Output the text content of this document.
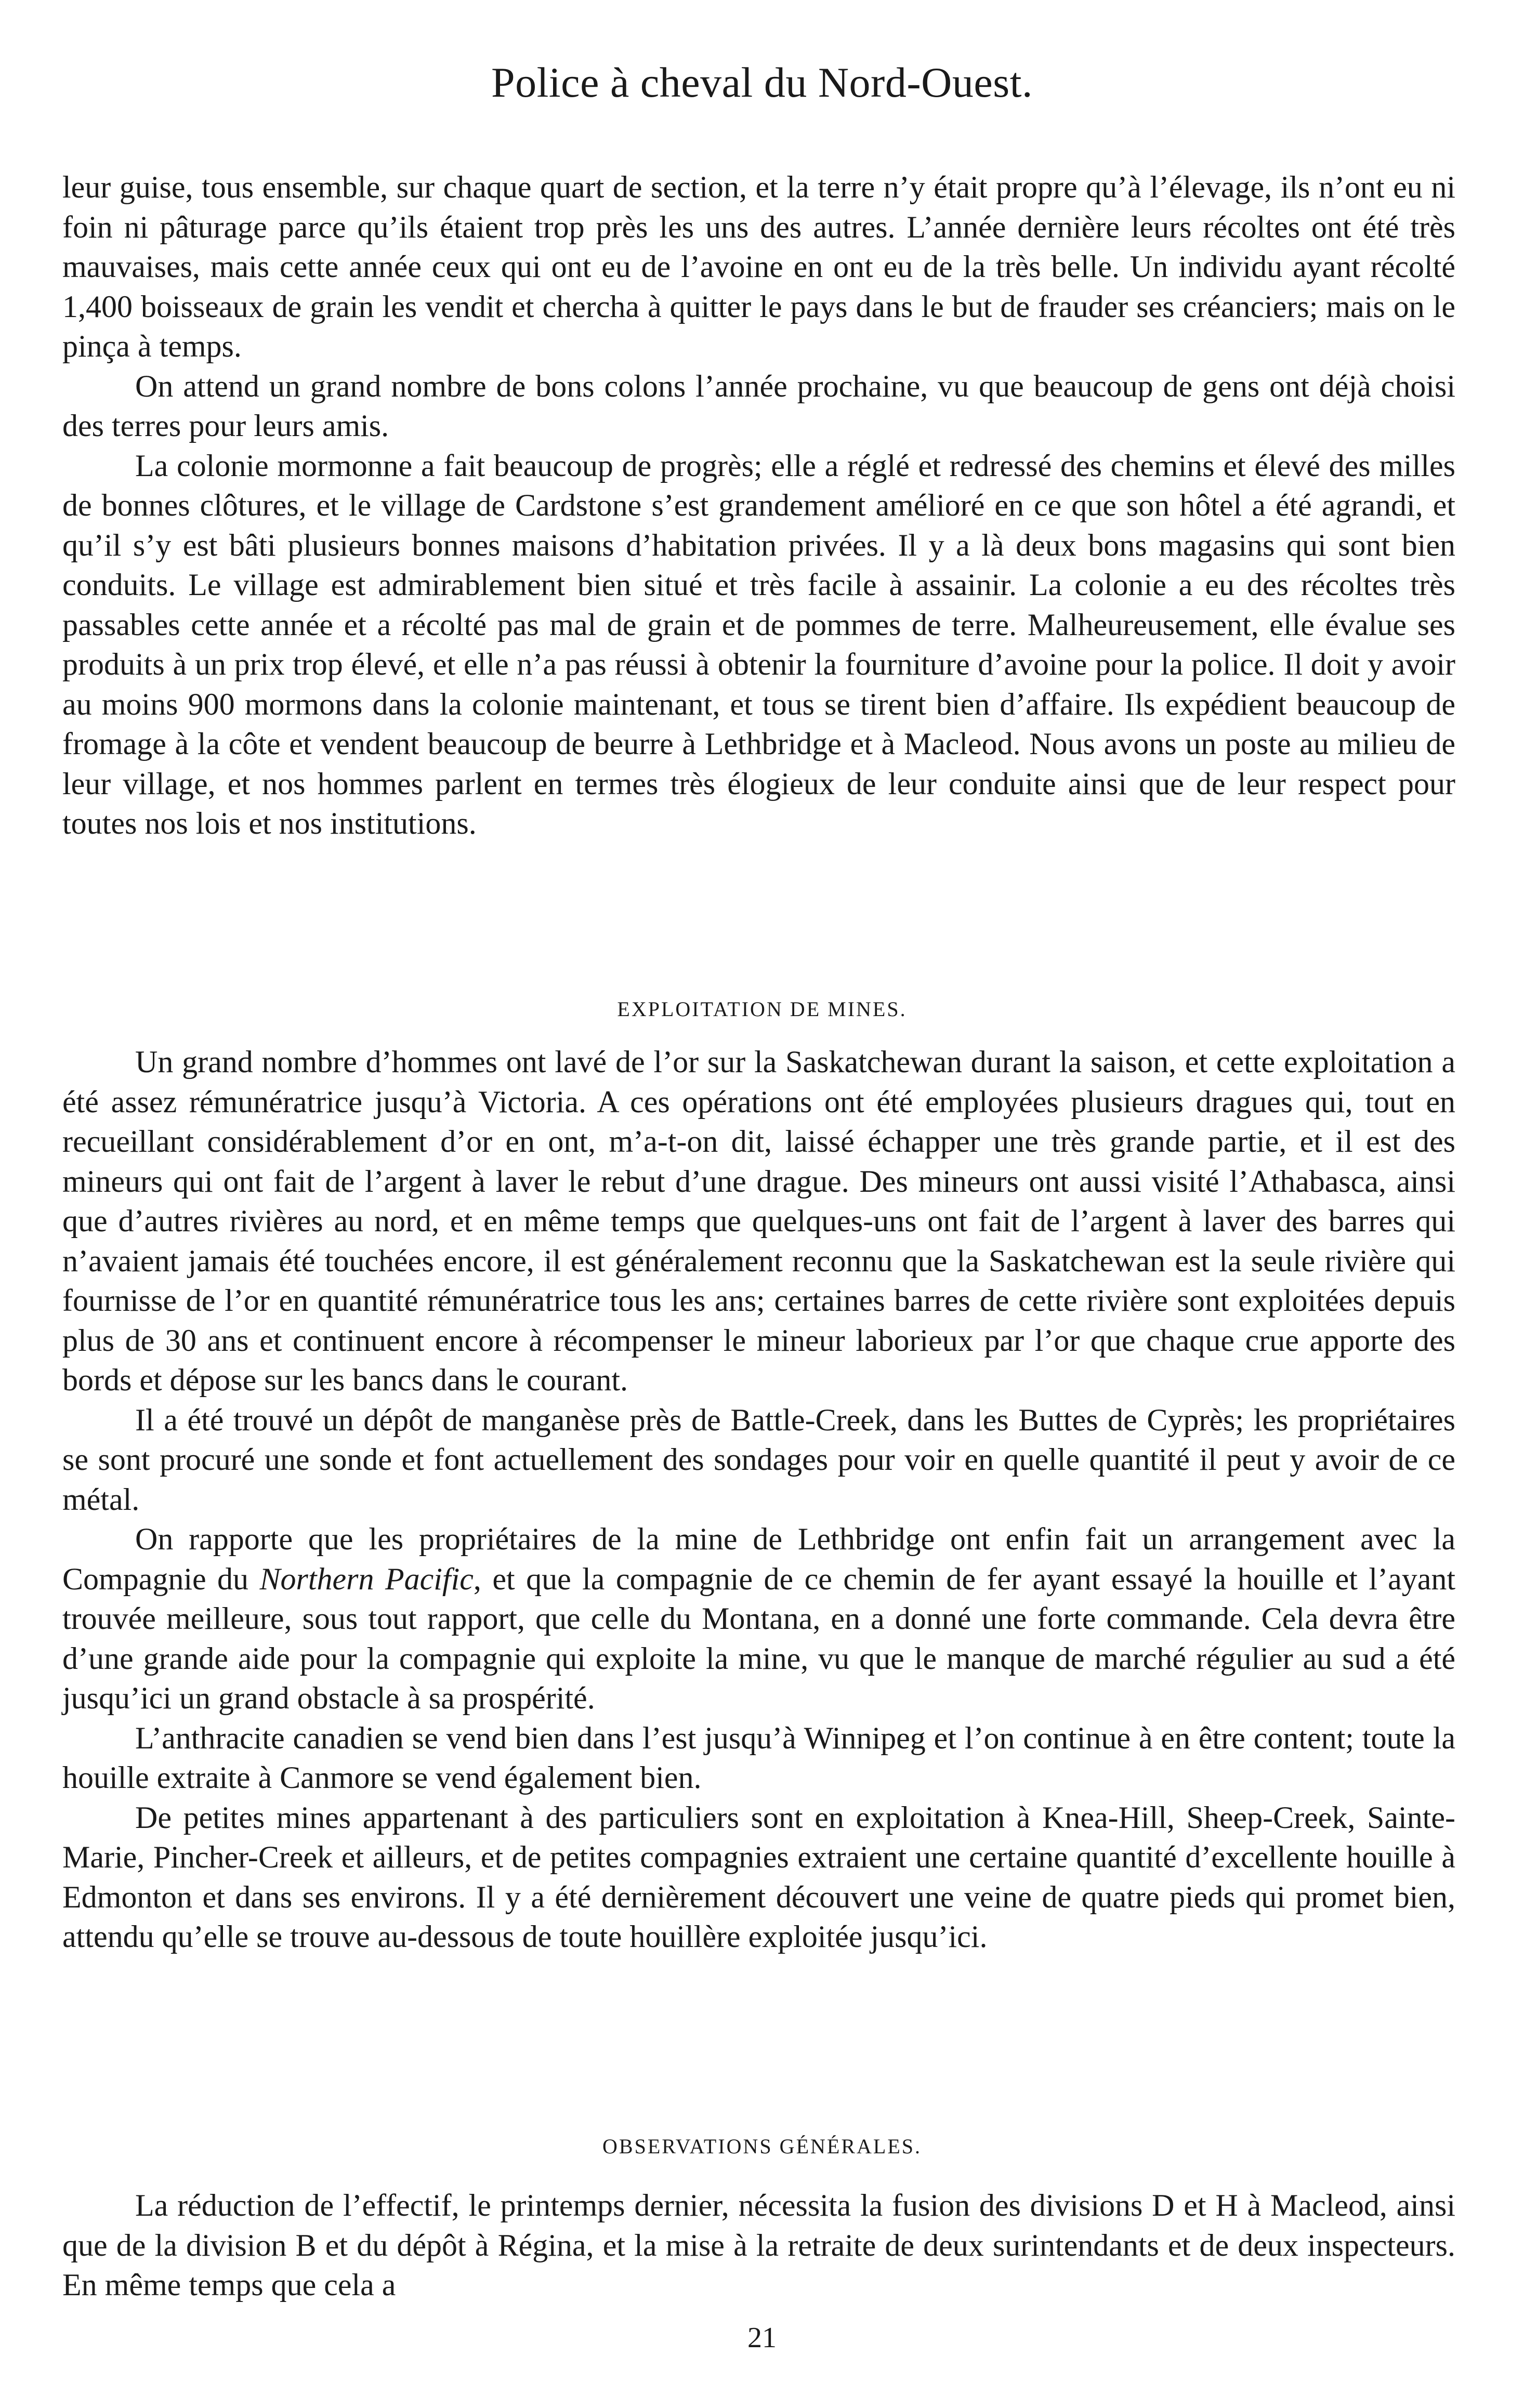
Police à cheval du Nord-Ouest.

leur guise, tous ensemble, sur chaque quart de section, et la terre n’y était propre qu’à l’élevage, ils n’ont eu ni foin ni pâturage parce qu’ils étaient trop près les uns des autres. L’année dernière leurs récoltes ont été très mauvaises, mais cette année ceux qui ont eu de l’avoine en ont eu de la très belle. Un individu ayant récolté 1,400 boisseaux de grain les vendit et chercha à quitter le pays dans le but de frauder ses créanciers; mais on le pinça à temps.

On attend un grand nombre de bons colons l’année prochaine, vu que beaucoup de gens ont déjà choisi des terres pour leurs amis.

La colonie mormonne a fait beaucoup de progrès; elle a réglé et redressé des chemins et élevé des milles de bonnes clôtures, et le village de Cardstone s’est grandement amélioré en ce que son hôtel a été agrandi, et qu’il s’y est bâti plusieurs bonnes maisons d’habitation privées. Il y a là deux bons magasins qui sont bien conduits. Le village est admirablement bien situé et très facile à assainir. La colonie a eu des récoltes très passables cette année et a récolté pas mal de grain et de pommes de terre. Malheureusement, elle évalue ses produits à un prix trop élevé, et elle n’a pas réussi à obtenir la fourniture d’avoine pour la police. Il doit y avoir au moins 900 mormons dans la colonie maintenant, et tous se tirent bien d’affaire. Ils expédient beaucoup de fromage à la côte et vendent beaucoup de beurre à Lethbridge et à Macleod. Nous avons un poste au milieu de leur village, et nos hommes parlent en termes très élogieux de leur conduite ainsi que de leur respect pour toutes nos lois et nos institutions.

EXPLOITATION DE MINES.

Un grand nombre d’hommes ont lavé de l’or sur la Saskatchewan durant la saison, et cette exploitation a été assez rémunératrice jusqu’à Victoria. A ces opérations ont été employées plusieurs dragues qui, tout en recueillant considérablement d’or en ont, m’a-t-on dit, laissé échapper une très grande partie, et il est des mineurs qui ont fait de l’argent à laver le rebut d’une drague. Des mineurs ont aussi visité l’Athabasca, ainsi que d’autres rivières au nord, et en même temps que quelques-uns ont fait de l’argent à laver des barres qui n’avaient jamais été touchées encore, il est généralement reconnu que la Saskatchewan est la seule rivière qui fournisse de l’or en quantité rémunératrice tous les ans; certaines barres de cette rivière sont exploitées depuis plus de 30 ans et continuent encore à récompenser le mineur laborieux par l’or que chaque crue apporte des bords et dépose sur les bancs dans le courant.

Il a été trouvé un dépôt de manganèse près de Battle-Creek, dans les Buttes de Cyprès; les propriétaires se sont procuré une sonde et font actuellement des sondages pour voir en quelle quantité il peut y avoir de ce métal.

On rapporte que les propriétaires de la mine de Lethbridge ont enfin fait un arrangement avec la Compagnie du Northern Pacific, et que la compagnie de ce chemin de fer ayant essayé la houille et l’ayant trouvée meilleure, sous tout rapport, que celle du Montana, en a donné une forte commande. Cela devra être d’une grande aide pour la compagnie qui exploite la mine, vu que le manque de marché régulier au sud a été jusqu’ici un grand obstacle à sa prospérité.

L’anthracite canadien se vend bien dans l’est jusqu’à Winnipeg et l’on continue à en être content; toute la houille extraite à Canmore se vend également bien.

De petites mines appartenant à des particuliers sont en exploitation à Knea-Hill, Sheep-Creek, Sainte-Marie, Pincher-Creek et ailleurs, et de petites compagnies extraient une certaine quantité d’excellente houille à Edmonton et dans ses environs. Il y a été dernièrement découvert une veine de quatre pieds qui promet bien, attendu qu’elle se trouve au-dessous de toute houillère exploitée jusqu’ici.

OBSERVATIONS GÉNÉRALES.

La réduction de l’effectif, le printemps dernier, nécessita la fusion des divisions D et H à Macleod, ainsi que de la division B et du dépôt à Régina, et la mise à la retraite de deux surintendants et de deux inspecteurs. En même temps que cela a

21
